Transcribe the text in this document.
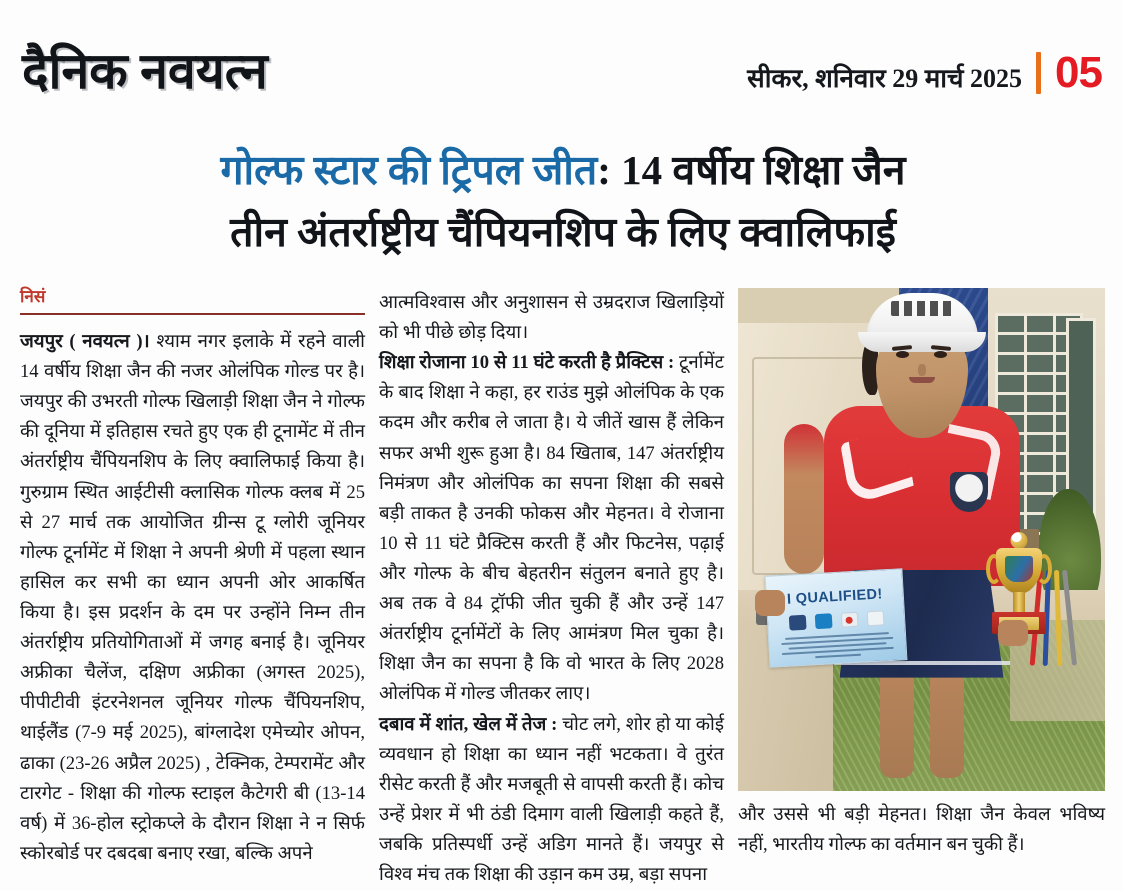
दैनिक नवयत्न	सीकर, शनिवार 29 मार्च 2025 05
गोल्फ स्टार की ट्रिपल जीत: 14 वर्षीय शिक्षा जैन
तीन अंतर्राष्ट्रीय चैंपियनशिप के लिए क्वालिफाई
निसं

जयपुर ( नवयत्न )। श्याम नगर इलाके में रहने वाली 14 वर्षीय शिक्षा जैन की नजर ओलंपिक गोल्ड पर है। जयपुर की उभरती गोल्फ खिलाड़ी शिक्षा जैन ने गोल्फ की दूनिया में इतिहास रचते हुए एक ही टूनामेंट में तीन अंतर्राष्ट्रीय चैंपियनशिप के लिए क्वालिफाई किया है। गुरुग्राम स्थित आईटीसी क्लासिक गोल्फ क्लब में 25 से 27 मार्च तक आयोजित ग्रीन्स टू ग्लोरी जूनियर गोल्फ टूर्नामेंट में शिक्षा ने अपनी श्रेणी में पहला स्थान हासिल कर सभी का ध्यान अपनी ओर आकर्षित किया है। इस प्रदर्शन के दम पर उन्होंने निम्न तीन अंतर्राष्ट्रीय प्रतियोगिताओं में जगह बनाई है। जूनियर अफ्रीका चैलेंज, दक्षिण अफ्रीका (अगस्त 2025), पीपीटीवी इंटरनेशनल जूनियर गोल्फ चैंपियनशिप, थाईलैंड (7-9 मई 2025), बांग्लादेश एमेच्योर ओपन, ढाका (23-26 अप्रैल 2025) , टेक्निक, टेम्परामेंट और टारगेट - शिक्षा की गोल्फ स्टाइल कैटेगरी बी (13-14 वर्ष) में 36-होल स्ट्रोकप्ले के दौरान शिक्षा ने न सिर्फ स्कोरबोर्ड पर दबदबा बनाए रखा, बल्कि अपने

आत्मविश्वास और अनुशासन से उम्रदराज खिलाड़ियों को भी पीछे छोड़ दिया।

शिक्षा रोजाना 10 से 11 घंटे करती है प्रैक्टिस : टूर्नामेंट के बाद शिक्षा ने कहा, हर राउंड मुझे ओलंपिक के एक कदम और करीब ले जाता है। ये जीतें खास हैं लेकिन सफर अभी शुरू हुआ है। 84 खिताब, 147 अंतर्राष्ट्रीय निमंत्रण और ओलंपिक का सपना शिक्षा की सबसे बड़ी ताकत है उनकी फोकस और मेहनत। वे रोजाना 10 से 11 घंटे प्रैक्टिस करती हैं और फिटनेस, पढ़ाई और गोल्फ के बीच बेहतरीन संतुलन बनाते हुए है। अब तक वे 84 ट्रॉफी जीत चुकी हैं और उन्हें 147 अंतर्राष्ट्रीय टूर्नामेंटों के लिए आमंत्रण मिल चुका है। शिक्षा जैन का सपना है कि वो भारत के लिए 2028 ओलंपिक में गोल्ड जीतकर लाए।

दबाव में शांत, खेल में तेज : चोट लगे, शोर हो या कोई व्यवधान हो शिक्षा का ध्यान नहीं भटकता। वे तुरंत रीसेट करती हैं और मजबूती से वापसी करती हैं। कोच उन्हें प्रेशर में भी ठंडी दिमाग वाली खिलाड़ी कहते हैं, जबकि प्रतिस्पर्धी उन्हें अडिग मानते हैं। जयपुर से विश्व मंच तक शिक्षा की उड़ान कम उम्र, बड़ा सपना

I QUALIFIED!
और उससे भी बड़ी मेहनत। शिक्षा जैन केवल भविष्य नहीं, भारतीय गोल्फ का वर्तमान बन चुकी हैं।
